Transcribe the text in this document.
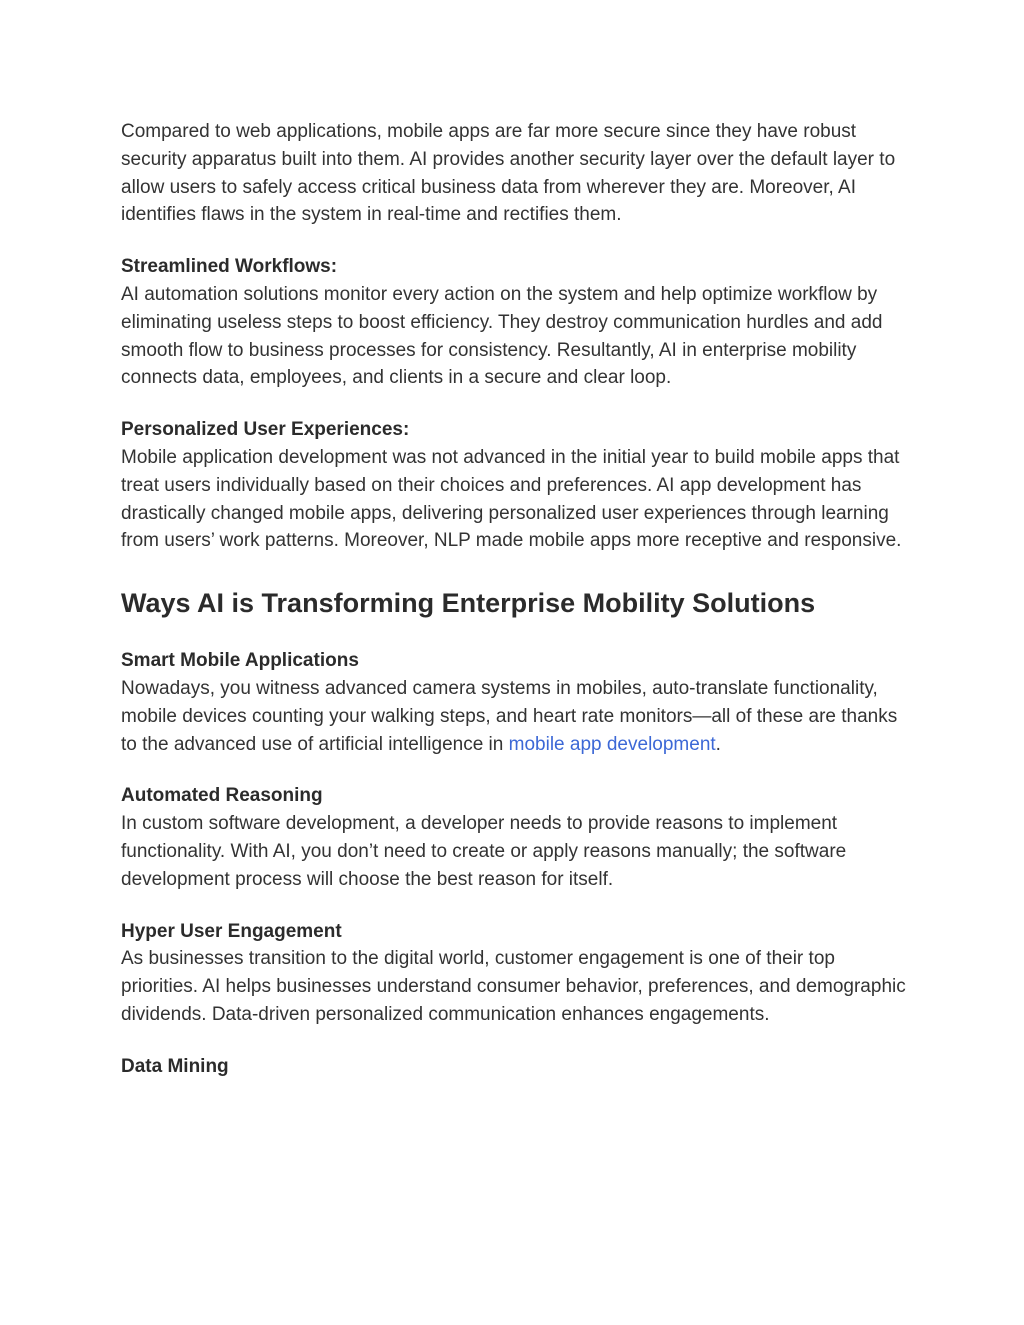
Compared to web applications, mobile apps are far more secure since they have robust security apparatus built into them. AI provides another security layer over the default layer to allow users to safely access critical business data from wherever they are. Moreover, AI identifies flaws in the system in real-time and rectifies them.

Streamlined Workflows:

AI automation solutions monitor every action on the system and help optimize workflow by eliminating useless steps to boost efficiency. They destroy communication hurdles and add smooth flow to business processes for consistency. Resultantly, AI in enterprise mobility connects data, employees, and clients in a secure and clear loop.

Personalized User Experiences:

Mobile application development was not advanced in the initial year to build mobile apps that treat users individually based on their choices and preferences. AI app development has drastically changed mobile apps, delivering personalized user experiences through learning from users’ work patterns. Moreover, NLP made mobile apps more receptive and responsive.

Ways AI is Transforming Enterprise Mobility Solutions
Smart Mobile Applications

Nowadays, you witness advanced camera systems in mobiles, auto-translate functionality, mobile devices counting your walking steps, and heart rate monitors—all of these are thanks to the advanced use of artificial intelligence in mobile app development.

Automated Reasoning

In custom software development, a developer needs to provide reasons to implement functionality. With AI, you don’t need to create or apply reasons manually; the software development process will choose the best reason for itself.

Hyper User Engagement

As businesses transition to the digital world, customer engagement is one of their top priorities. AI helps businesses understand consumer behavior, preferences, and demographic dividends. Data-driven personalized communication enhances engagements.

Data Mining
